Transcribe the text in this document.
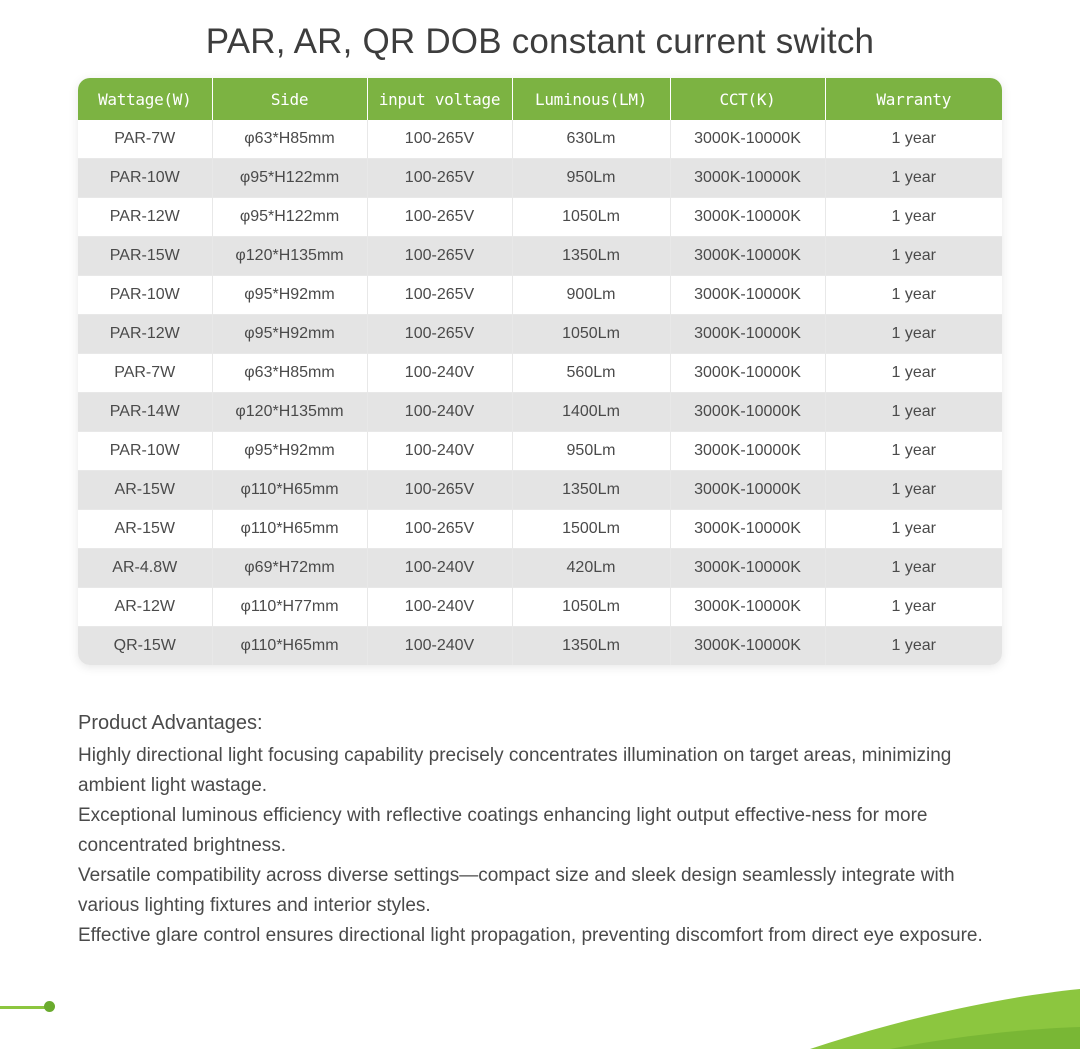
PAR, AR, QR DOB constant current switch
Wattage(W)	Side	input voltage	Luminous(LM)	CCT(K)	Warranty
PAR-7W	φ63*H85mm	100-265V	630Lm	3000K-10000K	1 year
PAR-10W	φ95*H122mm	100-265V	950Lm	3000K-10000K	1 year
PAR-12W	φ95*H122mm	100-265V	1050Lm	3000K-10000K	1 year
PAR-15W	φ120*H135mm	100-265V	1350Lm	3000K-10000K	1 year
PAR-10W	φ95*H92mm	100-265V	900Lm	3000K-10000K	1 year
PAR-12W	φ95*H92mm	100-265V	1050Lm	3000K-10000K	1 year
PAR-7W	φ63*H85mm	100-240V	560Lm	3000K-10000K	1 year
PAR-14W	φ120*H135mm	100-240V	1400Lm	3000K-10000K	1 year
PAR-10W	φ95*H92mm	100-240V	950Lm	3000K-10000K	1 year
AR-15W	φ110*H65mm	100-265V	1350Lm	3000K-10000K	1 year
AR-15W	φ110*H65mm	100-265V	1500Lm	3000K-10000K	1 year
AR-4.8W	φ69*H72mm	100-240V	420Lm	3000K-10000K	1 year
AR-12W	φ110*H77mm	100-240V	1050Lm	3000K-10000K	1 year
QR-15W	φ110*H65mm	100-240V	1350Lm	3000K-10000K	1 year
Product Advantages:

Highly directional light focusing capability precisely concentrates illumination on target areas, minimizing ambient light wastage.

Exceptional luminous efficiency with reflective coatings enhancing light output effective-ness for more concentrated brightness.

Versatile compatibility across diverse settings—compact size and sleek design seamlessly integrate with various lighting fixtures and interior styles.

Effective glare control ensures directional light propagation, preventing discomfort from direct eye exposure.
